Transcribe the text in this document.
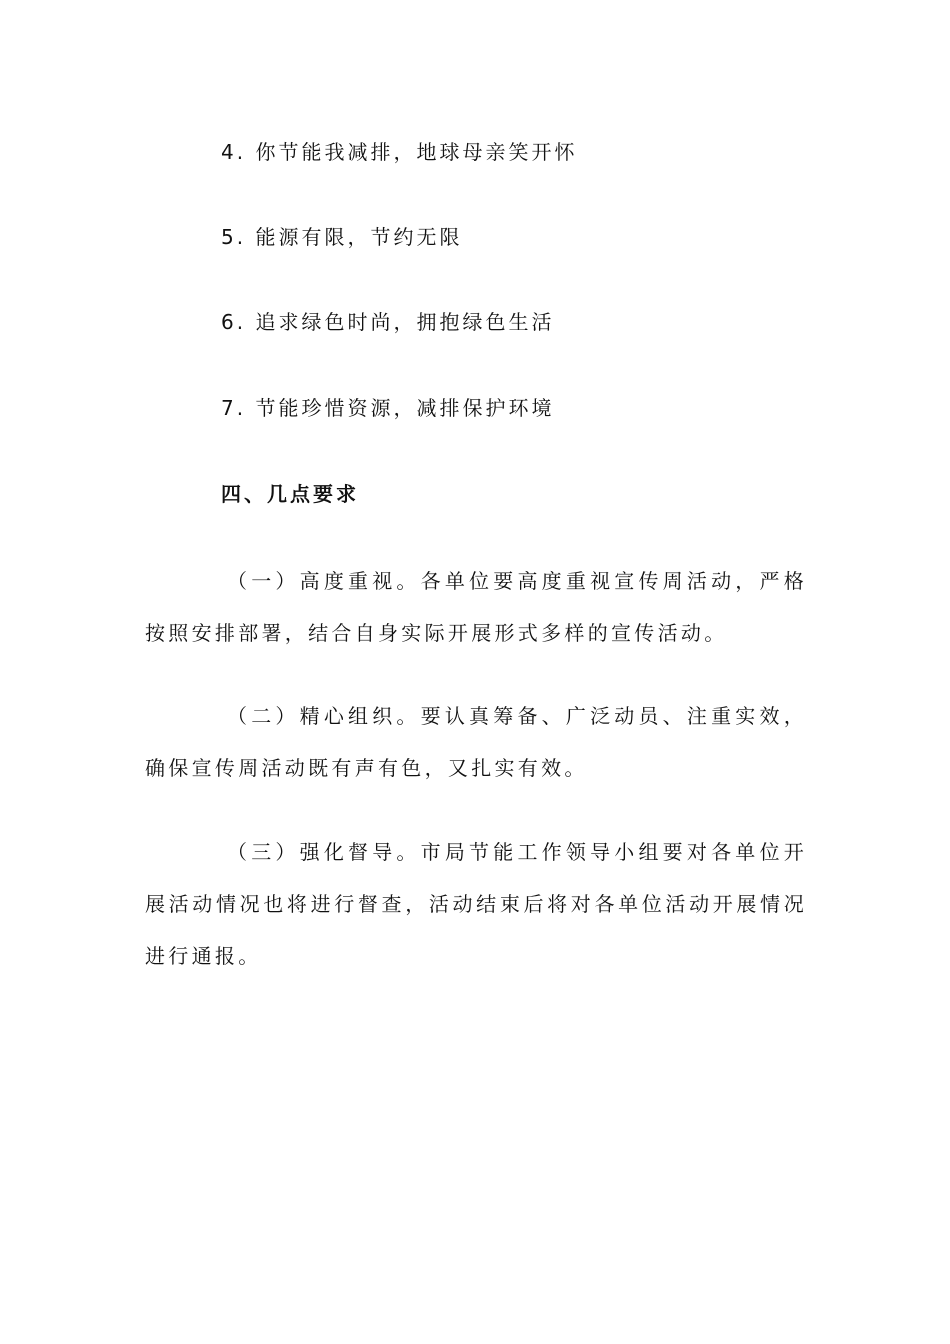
4. 你节能我减排，地球母亲笑开怀
5. 能源有限，节约无限
6. 追求绿色时尚，拥抱绿色生活
7. 节能珍惜资源，减排保护环境
四、几点要求
（一）高度重视。各单位要高度重视宣传周活动，严格按照安排部署，结合自身实际开展形式多样的宣传活动。
（二）精心组织。要认真筹备、广泛动员、注重实效，确保宣传周活动既有声有色，又扎实有效。
（三）强化督导。市局节能工作领导小组要对各单位开展活动情况也将进行督查，活动结束后将对各单位活动开展情况进行通报。
